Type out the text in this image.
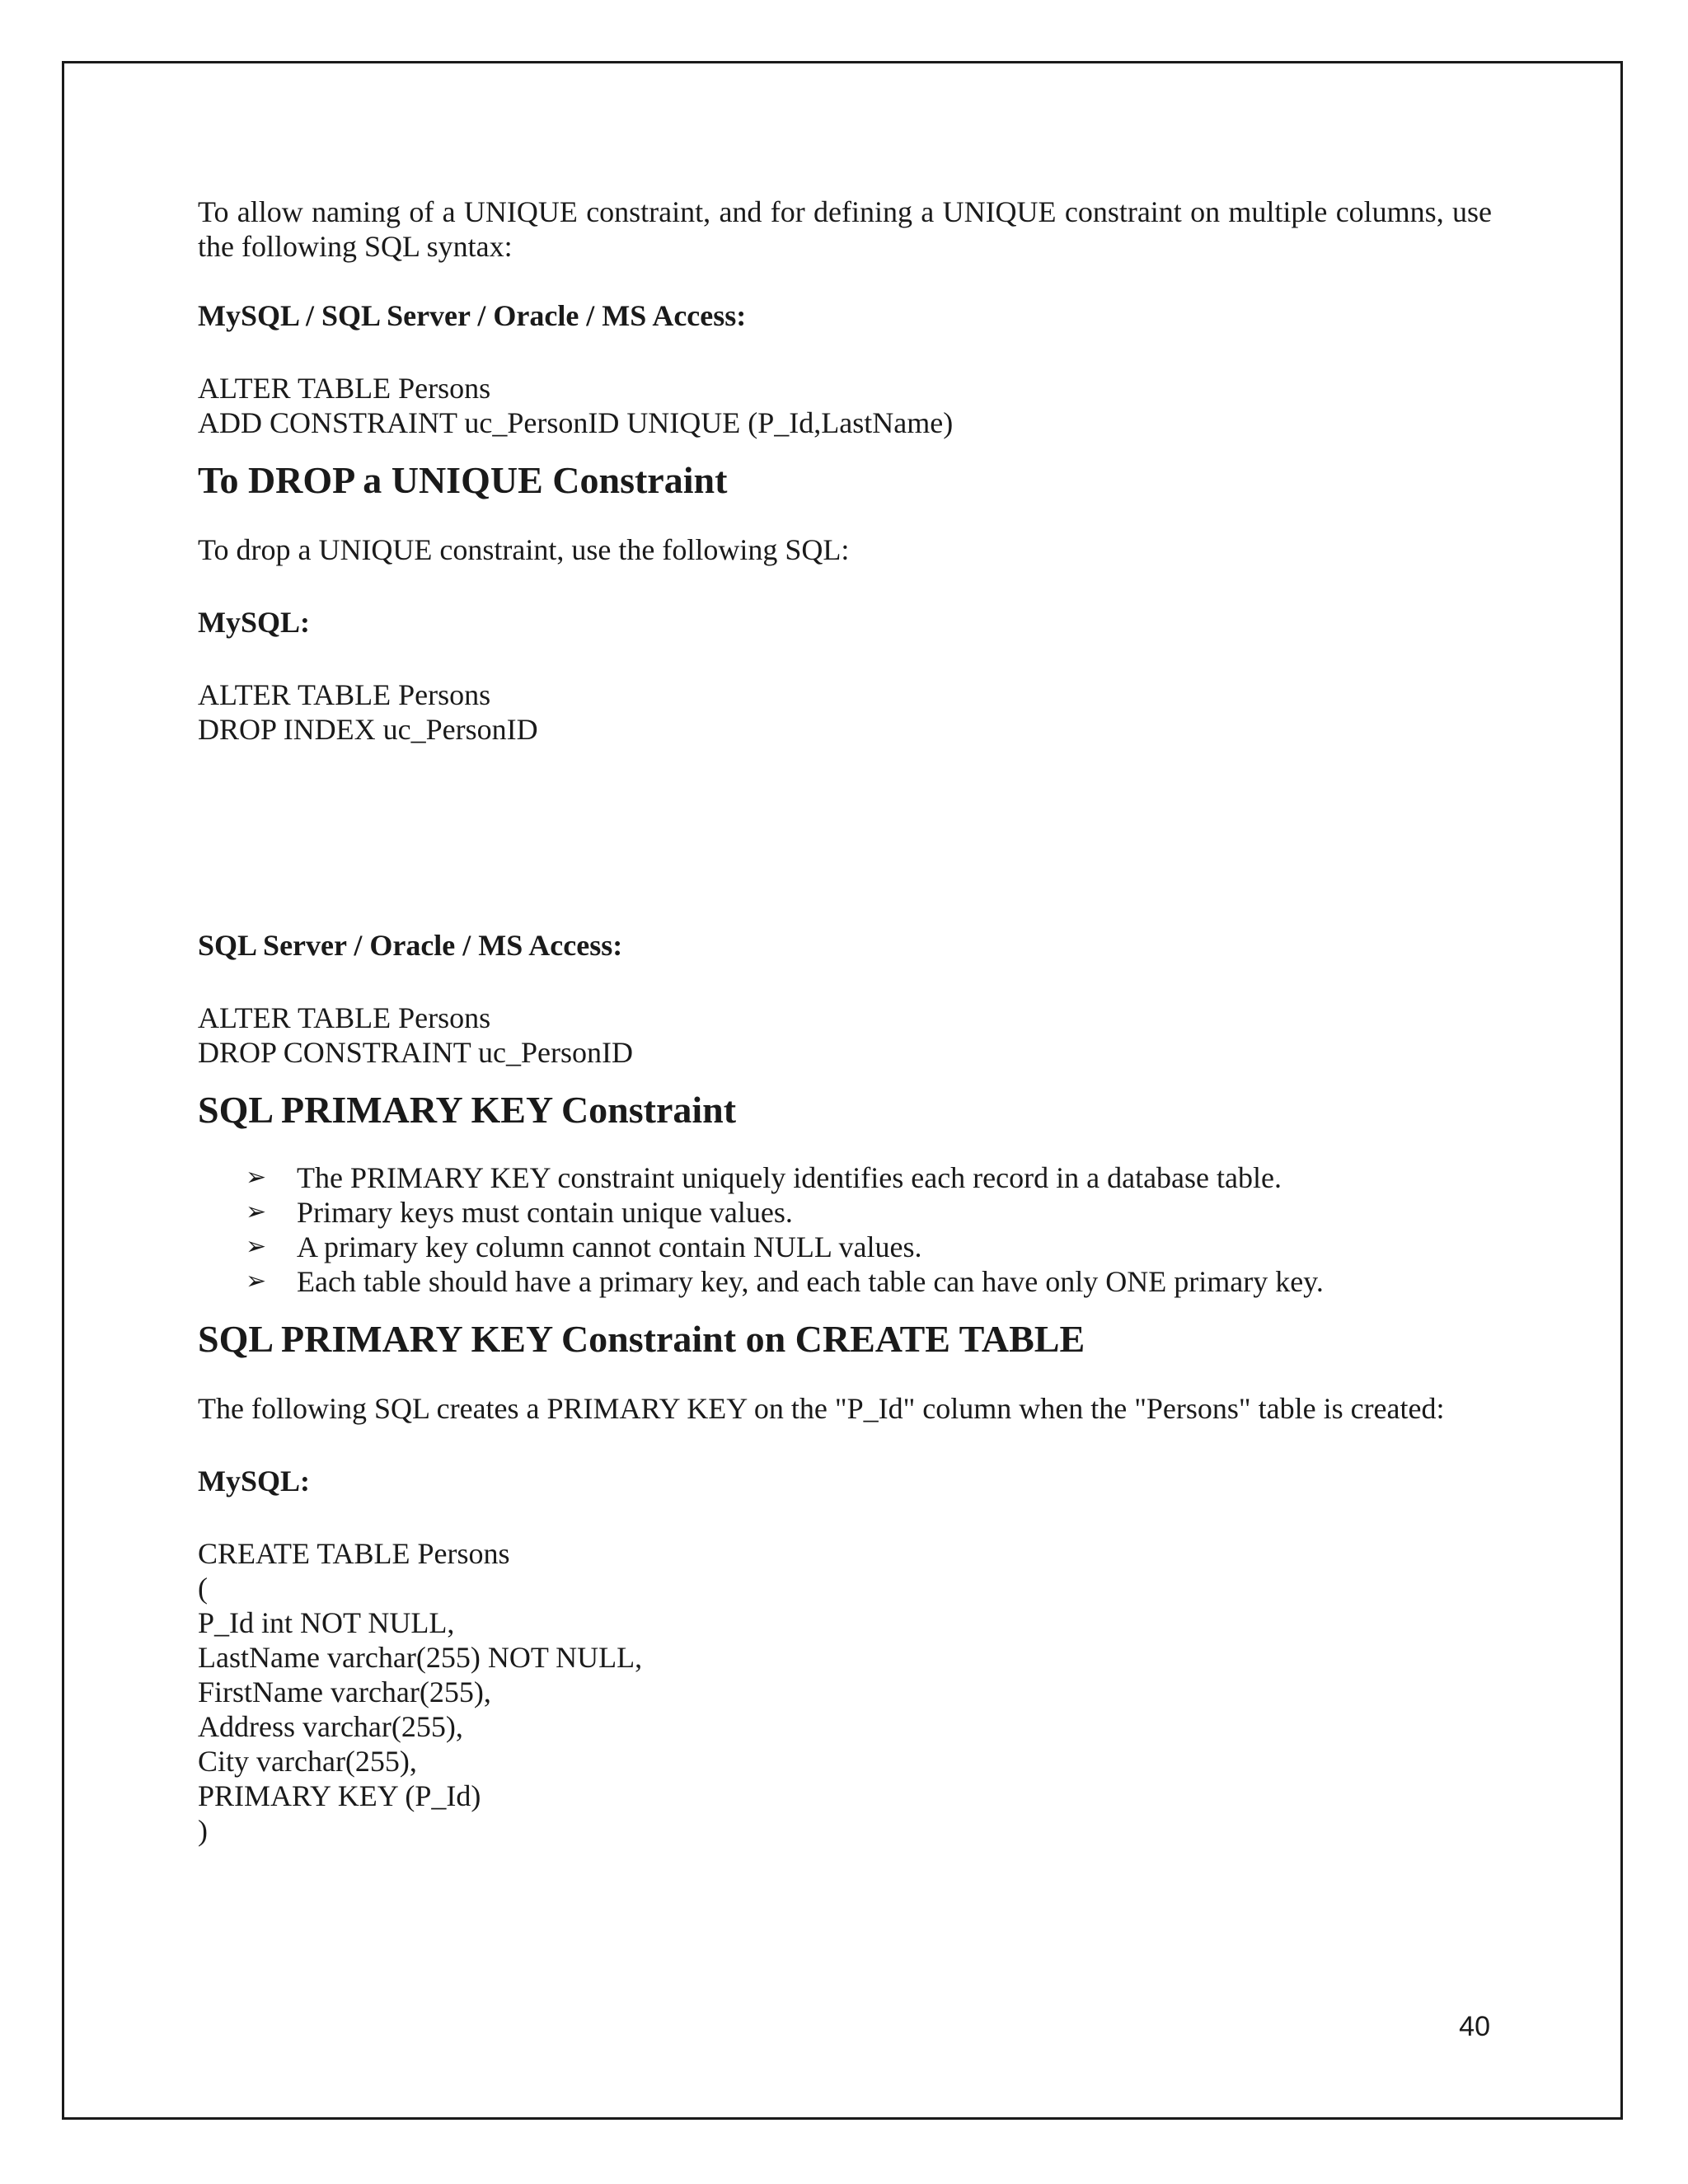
To allow naming of a UNIQUE constraint, and for defining a UNIQUE constraint on multiple columns, use the following SQL syntax:

MySQL / SQL Server / Oracle / MS Access:

ALTER TABLE Persons
ADD CONSTRAINT uc_PersonID UNIQUE (P_Id,LastName)
To DROP a UNIQUE Constraint

To drop a UNIQUE constraint, use the following SQL:

MySQL:

ALTER TABLE Persons
DROP INDEX uc_PersonID

SQL Server / Oracle / MS Access:

ALTER TABLE Persons
DROP CONSTRAINT uc_PersonID
SQL PRIMARY KEY Constraint
➢ The PRIMARY KEY constraint uniquely identifies each record in a database table.
➢ Primary keys must contain unique values.
➢ A primary key column cannot contain NULL values.
➢ Each table should have a primary key, and each table can have only ONE primary key.
SQL PRIMARY KEY Constraint on CREATE TABLE

The following SQL creates a PRIMARY KEY on the "P_Id" column when the "Persons" table is created:

MySQL:

CREATE TABLE Persons
(
P_Id int NOT NULL,
LastName varchar(255) NOT NULL,
FirstName varchar(255),
Address varchar(255),
City varchar(255),
PRIMARY KEY (P_Id)
)
40
